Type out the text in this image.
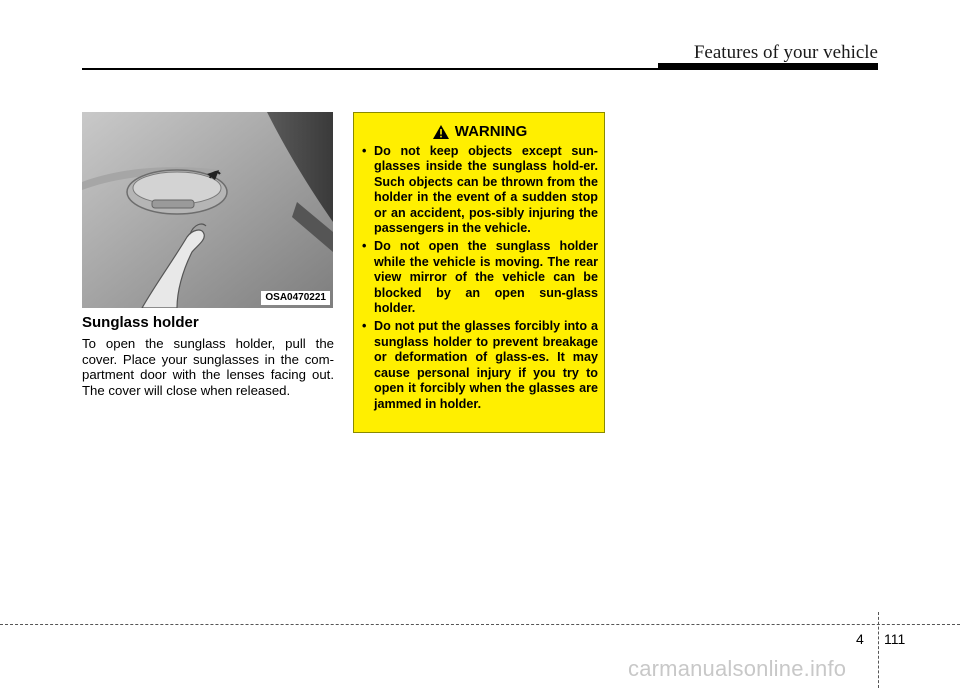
Features of your vehicle
OSA0470221
Sunglass holder

To open the sunglass holder, pull the cover. Place your sunglasses in the com-partment door with the lenses facing out. The cover will close when released.

WARNING
• Do not keep objects except sun-glasses inside the sunglass hold-er. Such objects can be thrown from the holder in the event of a sudden stop or an accident, pos-sibly injuring the passengers in the vehicle.
• Do not open the sunglass holder while the vehicle is moving. The rear view mirror of the vehicle can be blocked by an open sun-glass holder.
• Do not put the glasses forcibly into a sunglass holder to prevent breakage or deformation of glass-es. It may cause personal injury if you try to open it forcibly when the glasses are jammed in holder.
4 111
carmanualsonline.info
